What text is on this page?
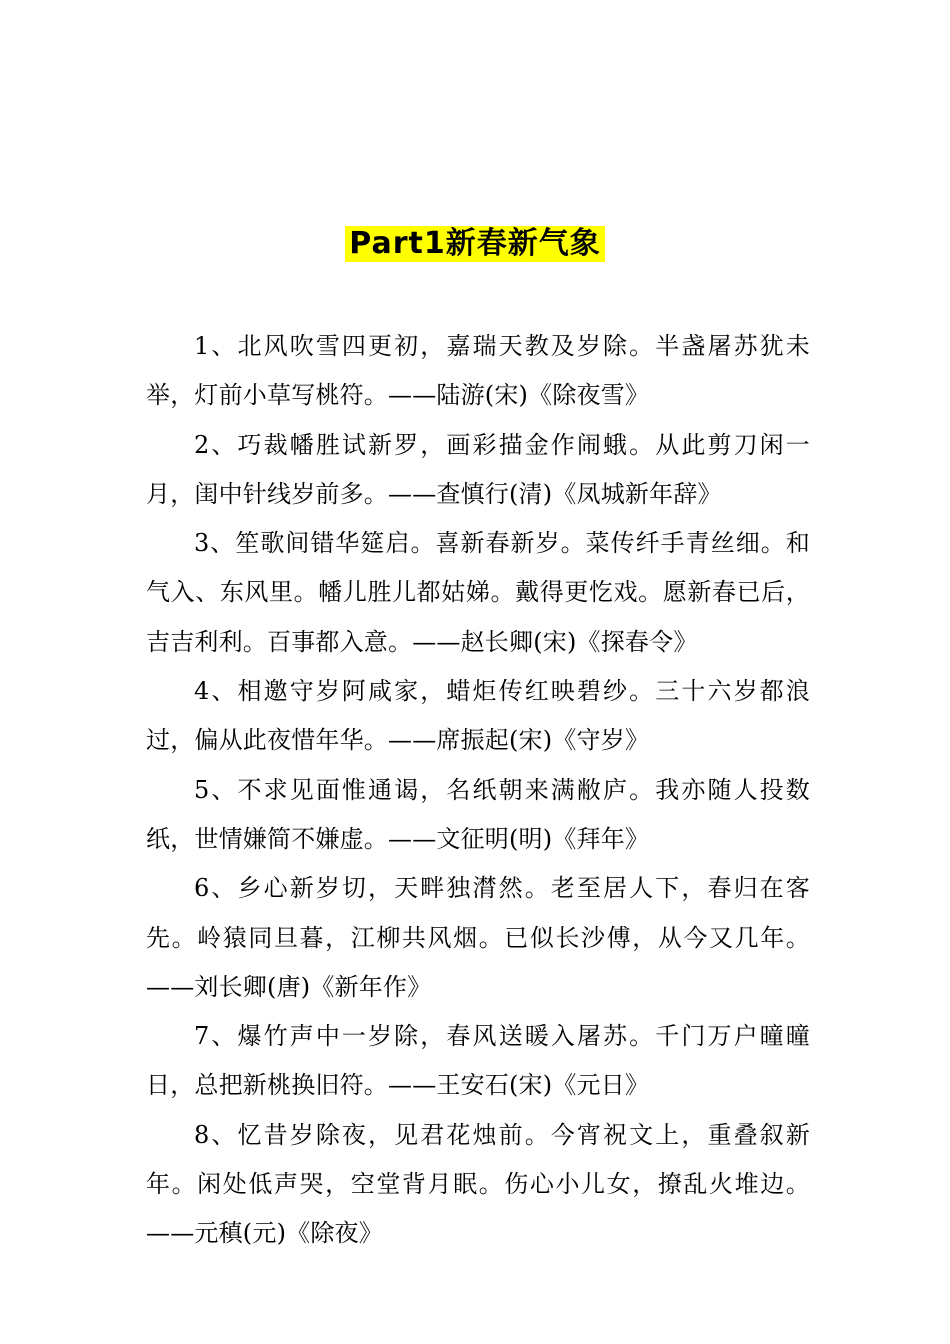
Part1新春新气象

1、北风吹雪四更初，嘉瑞天教及岁除。半盏屠苏犹未举，灯前小草写桃符。——陆游(宋)《除夜雪》

2、巧裁幡胜试新罗，画彩描金作闹蛾。从此剪刀闲一月，闺中针线岁前多。——查慎行(清)《凤城新年辞》

3、笙歌间错华筵启。喜新春新岁。菜传纤手青丝细。和气入、东风里。幡儿胜儿都姑娣。戴得更忔戏。愿新春已后，吉吉利利。百事都入意。——赵长卿(宋)《探春令》

4、相邀守岁阿咸家，蜡炬传红映碧纱。三十六岁都浪过，偏从此夜惜年华。——席振起(宋)《守岁》

5、不求见面惟通谒，名纸朝来满敝庐。我亦随人投数纸，世情嫌简不嫌虚。——文征明(明)《拜年》

6、乡心新岁切，天畔独潸然。老至居人下，春归在客先。岭猿同旦暮，江柳共风烟。已似长沙傅，从今又几年。——刘长卿(唐)《新年作》

7、爆竹声中一岁除，春风送暖入屠苏。千门万户曈曈日，总把新桃换旧符。——王安石(宋)《元日》

8、忆昔岁除夜，见君花烛前。今宵祝文上，重叠叙新年。闲处低声哭，空堂背月眠。伤心小儿女，撩乱火堆边。——元稹(元)《除夜》
